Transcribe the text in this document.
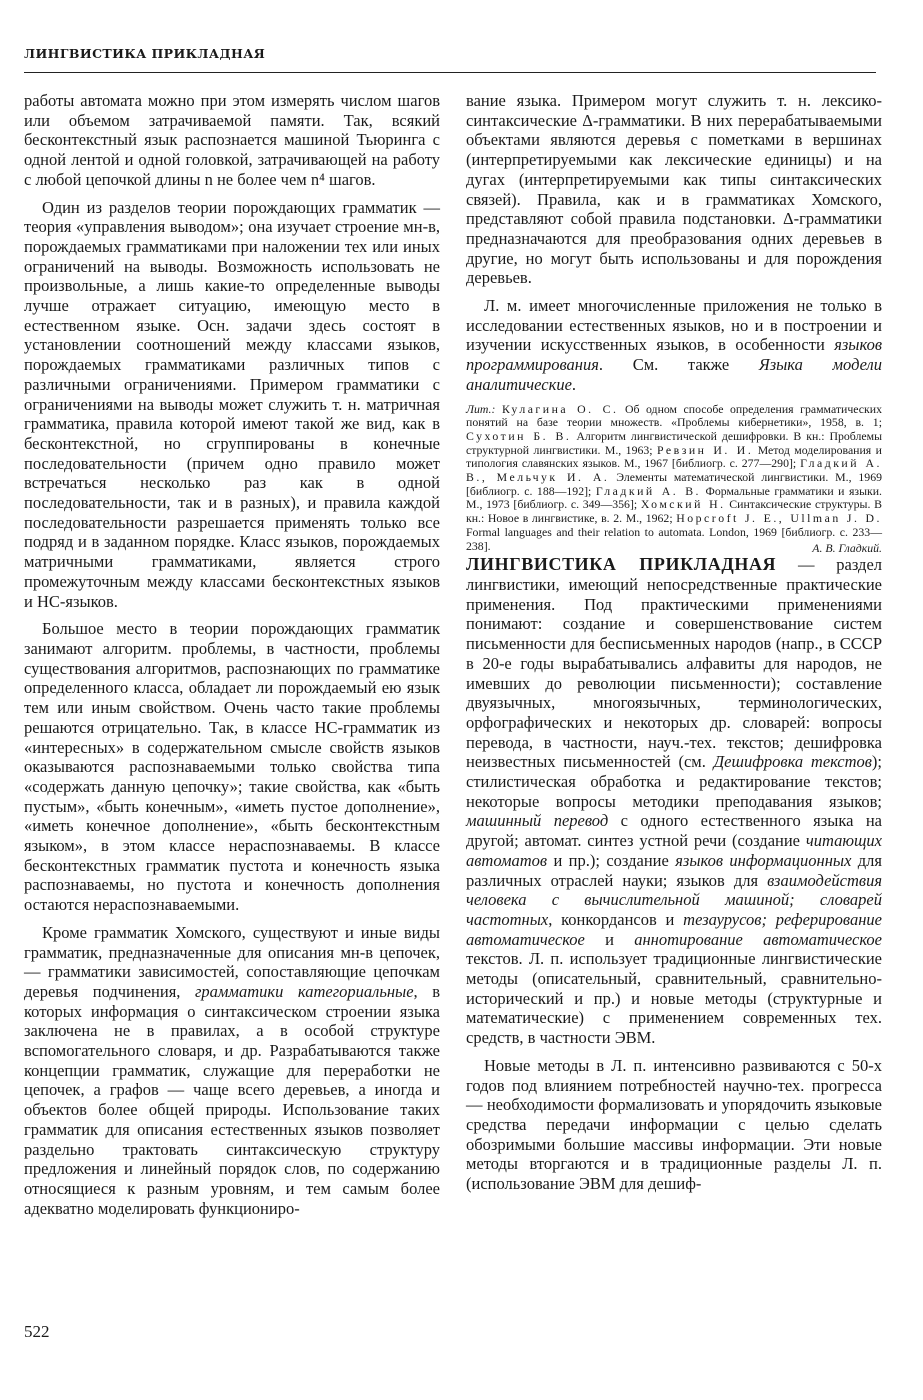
ЛИНГВИСТИКА ПРИКЛАДНАЯ

работы автомата можно при этом измерять числом шагов или объемом затрачиваемой памяти. Так, всякий бесконтекстный язык распознается машиной Тьюринга с одной лентой и одной головкой, затрачивающей на работу с любой цепочкой длины n не более чем n⁴ шагов.

Один из разделов теории порождающих грамматик — теория «управления выводом»; она изучает строение мн-в, порождаемых грамматиками при наложении тех или иных ограничений на выводы. Возможность использовать не произвольные, а лишь какие-то определенные выводы лучше отражает ситуацию, имеющую место в естественном языке. Осн. задачи здесь состоят в установлении соотношений между классами языков, порождаемых грамматиками различных типов с различными ограничениями. Примером грамматики с ограничениями на выводы может служить т. н. матричная грамматика, правила которой имеют такой же вид, как в бесконтекстной, но сгруппированы в конечные последовательности (причем одно правило может встречаться несколько раз как в одной последовательности, так и в разных), и правила каждой последовательности разрешается применять только все подряд и в заданном порядке. Класс языков, порождаемых матричными грамматиками, является строго промежуточным между классами бесконтекстных языков и НС-языков.

Большое место в теории порождающих грамматик занимают алгоритм. проблемы, в частности, проблемы существования алгоритмов, распознающих по грамматике определенного класса, обладает ли порождаемый ею язык тем или иным свойством. Очень часто такие проблемы решаются отрицательно. Так, в классе НС-грамматик из «интересных» в содержательном смысле свойств языков оказываются распознаваемыми только свойства типа «содержать данную цепочку»; такие свойства, как «быть пустым», «быть конечным», «иметь пустое дополнение», «иметь конечное дополнение», «быть бесконтекстным языком», в этом классе нераспознаваемы. В классе бесконтекстных грамматик пустота и конечность языка распознаваемы, но пустота и конечность дополнения остаются нераспознаваемыми.

Кроме грамматик Хомского, существуют и иные виды грамматик, предназначенные для описания мн-в цепочек,— грамматики зависимостей, сопоставляющие цепочкам деревья подчинения, грамматики категориальные, в которых информация о синтаксическом строении языка заключена не в правилах, а в особой структуре вспомогательного словаря, и др. Разрабатываются также концепции грамматик, служащие для переработки не цепочек, а графов — чаще всего деревьев, а иногда и объектов более общей природы. Использование таких грамматик для описания естественных языков позволяет раздельно трактовать синтаксическую структуру предложения и линейный порядок слов, по содержанию относящиеся к разным уровням, и тем самым более адекватно моделировать функциониро-

вание языка. Примером могут служить т. н. лексико-синтаксические Δ-грамматики. В них перерабатываемыми объектами являются деревья с пометками в вершинах (интерпретируемыми как лексические единицы) и на дугах (интерпретируемыми как типы синтаксических связей). Правила, как и в грамматиках Хомского, представляют собой правила подстановки. Δ-грамматики предназначаются для преобразования одних деревьев в другие, но могут быть использованы и для порождения деревьев.

Л. м. имеет многочисленные приложения не только в исследовании естественных языков, но и в построении и изучении искусственных языков, в особенности языков программирования. См. также Языка модели аналитические.

Лит.: Кулагина О. С. Об одном способе определения грамматических понятий на базе теории множеств. «Проблемы кибернетики», 1958, в. 1; Сухотин Б. В. Алгоритм лингвистической дешифровки. В кн.: Проблемы структурной лингвистики. М., 1963; Ревзин И. И. Метод моделирования и типология славянских языков. М., 1967 [библиогр. с. 277—290]; Гладкий А. В., Мельчук И. А. Элементы математической лингвистики. М., 1969 [библиогр. с. 188—192]; Гладкий А. В. Формальные грамматики и языки. М., 1973 [библиогр. с. 349—356]; Хомский Н. Синтаксические структуры. В кн.: Новое в лингвистике, в. 2. М., 1962; Hopcroft J. E., Ullman J. D. Formal languages and their relation to automata. London, 1969 [библиогр. с. 233—238].	А. В. Гладкий.

ЛИНГВИСТИКА ПРИКЛАДНАЯ — раздел лингвистики, имеющий непосредственные практические применения. Под практическими применениями понимают: создание и совершенствование систем письменности для бесписьменных народов (напр., в СССР в 20-е годы вырабатывались алфавиты для народов, не имевших до революции письменности); составление двуязычных, многоязычных, терминологических, орфографических и некоторых др. словарей: вопросы перевода, в частности, науч.-тех. текстов; дешифровка неизвестных письменностей (см. Дешифровка текстов); стилистическая обработка и редактирование текстов; некоторые вопросы методики преподавания языков; машинный перевод с одного естественного языка на другой; автомат. синтез устной речи (создание читающих автоматов и пр.); создание языков информационных для различных отраслей науки; языков для взаимодействия человека с вычислительной машиной; словарей частотных, конкордансов и тезаурусов; реферирование автоматическое и аннотирование автоматическое текстов. Л. п. использует традиционные лингвистические методы (описательный, сравнительный, сравнительно-исторический и пр.) и новые методы (структурные и математические) с применением современных тех. средств, в частности ЭВМ.

Новые методы в Л. п. интенсивно развиваются с 50-х годов под влиянием потребностей научно-тех. прогресса — необходимости формализовать и упорядочить языковые средства передачи информации с целью сделать обозримыми большие массивы информации. Эти новые методы вторгаются и в традиционные разделы Л. п. (использование ЭВМ для дешиф-

522
